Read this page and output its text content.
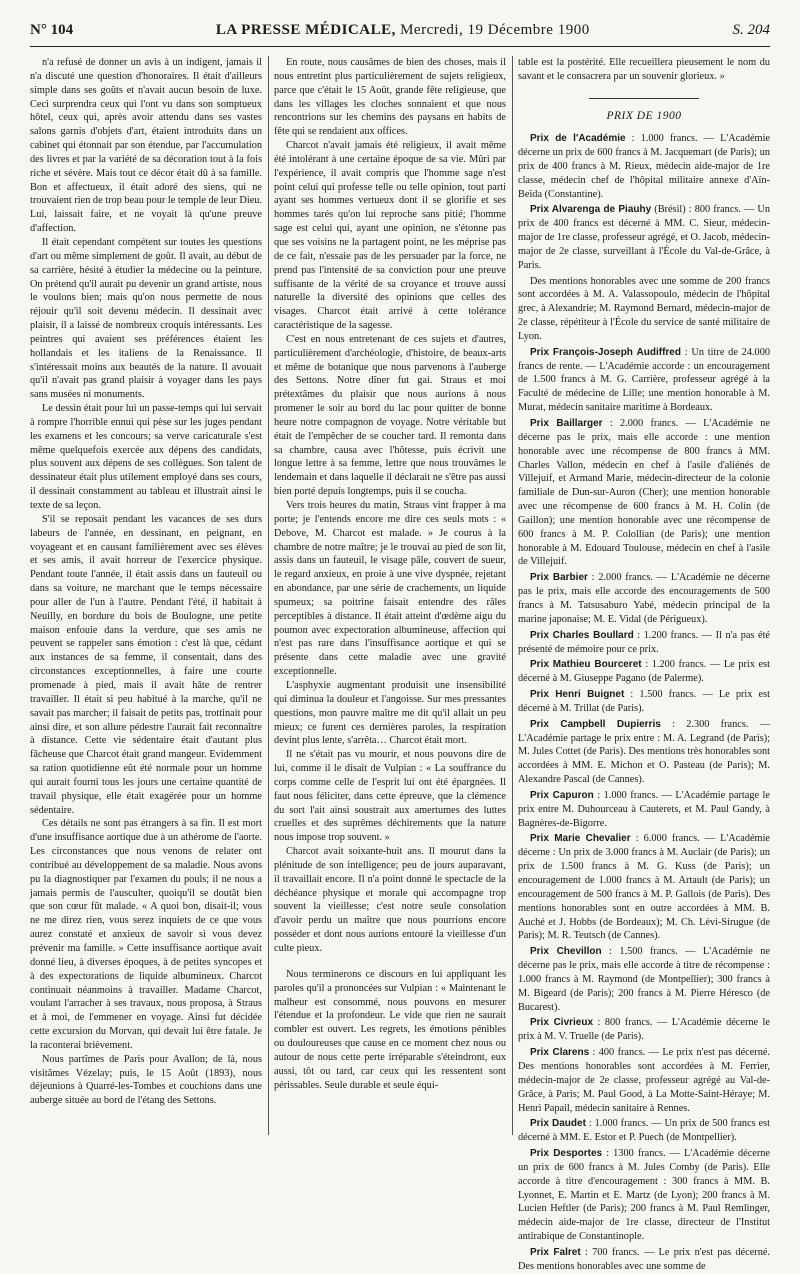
N° 104	LA PRESSE MÉDICALE, Mercredi, 19 Décembre 1900	S. 204

n'a refusé de donner un avis à un indigent, jamais il n'a discuté une question d'honoraires. Il était d'ailleurs simple dans ses goûts et n'avait aucun besoin de luxe. Ceci surprendra ceux qui l'ont vu dans son somptueux hôtel, ceux qui, après avoir attendu dans ses vastes salons garnis d'objets d'art, étaient introduits dans un cabinet qui étonnait par son étendue, par l'accumulation des livres et par la variété de sa décoration tout à la fois riche et sévère. Mais tout ce décor était dû à sa famille. Bon et affectueux, il était adoré des siens, qui ne trouvaient rien de trop beau pour le temple de leur Dieu. Lui, laissait faire, et ne voyait là qu'une preuve d'affection.

Il était cependant compétent sur toutes les questions d'art ou même simplement de goût. Il avait, au début de sa carrière, hésité à étudier la médecine ou la peinture. On prétend qu'il aurait pu devenir un grand artiste, nous le voulons bien; mais qu'on nous permette de nous réjouir qu'il soit devenu médecin. Il dessinait avec plaisir, il a laissé de nombreux croquis intéressants. Les peintres qui avaient ses préférences étaient les hollandais et les italiens de la Renaissance. Il s'intéressait moins aux beautés de la nature. Il avouait qu'il n'avait pas grand plaisir à voyager dans les pays sans musées ni monuments.

Le dessin était pour lui un passe-temps qui lui servait à rompre l'horrible ennui qui pèse sur les juges pendant les examens et les concours; sa verve caricaturale s'est même quelquefois exercée aux dépens des candidats, plus souvent aux dépens de ses collègues. Son talent de dessinateur était plus utilement employé dans ses cours, il dessinait constamment au tableau et illustrait ainsi le texte de sa leçon.

S'il se reposait pendant les vacances de ses durs labeurs de l'année, en dessinant, en peignant, en voyageant et en causant familièrement avec ses élèves et ses amis, il avait horreur de l'exercice physique. Pendant toute l'année, il était assis dans un fauteuil ou dans sa voiture, ne marchant que le temps nécessaire pour aller de l'un à l'autre. Pendant l'été, il habitait à Neuilly, en bordure du bois de Boulogne, une petite maison enfouie dans la verdure, que ses amis ne peuvent se rappeler sans émotion : c'est là que, cédant aux instances de sa femme, il consentait, dans des circonstances exceptionnelles, à faire une courte promenade à pied, mais il avait hâte de rentrer travailler. Il était si peu habitué à la marche, qu'il ne savait pas marcher; il faisait de petits pas, trottinait pour ainsi dire, et son allure pédestre l'aurait fait reconnaître à distance. Cette vie sédentaire était d'autant plus fâcheuse que Charcot était grand mangeur. Evidemment sa ration quotidienne eût été normale pour un homme qui aurait fourni tous les jours une certaine quantité de travail physique, elle était exagérée pour un homme sédentaire.

Ces détails ne sont pas étrangers à sa fin. Il est mort d'une insuffisance aortique due à un athérome de l'aorte. Les circonstances que nous venons de relater ont contribué au développement de sa maladie. Nous avons pu la diagnostiquer par l'examen du pouls; il ne nous a jamais permis de l'ausculter, quoiqu'il se doutât bien que son cœur fût malade. « A quoi bon, disait-il; vous ne me direz rien, vous serez inquiets de ce que vous aurez constaté et anxieux de savoir si vous devez prévenir ma famille. » Cette insuffisance aortique avait donné lieu, à diverses époques, à de petites syncopes et à des expectorations de liquide albumineux. Charcot continuait néanmoins à travailler. Madame Charcot, voulant l'arracher à ses travaux, nous proposa, à Straus et à moi, de l'emmener en voyage. Ainsi fut décidée cette excursion du Morvan, qui devait lui être fatale. Je la raconterai brièvement.

Nous partîmes de Paris pour Avallon; de là, nous visitâmes Vézelay; puis, le 15 Août (1893), nous déjeunions à Quarré-les-Tombes et couchions dans une auberge située au bord de l'étang des Settons.

En route, nous causâmes de bien des choses, mais il nous entretint plus particulièrement de sujets religieux, parce que c'était le 15 Août, grande fête religieuse, que dans les villages les cloches sonnaient et que nous rencontrions sur les chemins des paysans en habits de fête qui se rendaient aux offices.

Charcot n'avait jamais été religieux, il avait même été intolérant à une certaine époque de sa vie. Mûri par l'expérience, il avait compris que l'homme sage n'est point celui qui professe telle ou telle opinion, tout parti ayant ses hommes vertueux dont il se glorifie et ses hommes tarés qu'on lui reproche sans pitié; l'homme sage est celui qui, ayant une opinion, ne s'étonne pas que ses voisins ne la partagent point, ne les méprise pas de ce fait, n'essaie pas de les persuader par la force, ne prend pas l'intensité de sa conviction pour une preuve suffisante de la vérité de sa croyance et trouve aussi naturelle la diversité des opinions que celles des visages. Charcot était arrivé à cette tolérance caractéristique de la sagesse.

C'est en nous entretenant de ces sujets et d'autres, particulièrement d'archéologie, d'histoire, de beaux-arts et même de botanique que nous parvenons à l'auberge des Settons. Notre dîner fut gai. Straus et moi prétextâmes du plaisir que nous aurions à nous promener le soir au bord du lac pour quitter de bonne heure notre compagnon de voyage. Notre véritable but était de l'empêcher de se coucher tard. Il remonta dans sa chambre, causa avec l'hôtesse, puis écrivit une longue lettre à sa femme, lettre que nous trouvâmes le lendemain et dans laquelle il déclarait ne s'être pas aussi bien porté depuis longtemps, puis il se coucha.

Vers trois heures du matin, Straus vint frapper à ma porte; je l'entends encore me dire ces seuls mots : « Debove, M. Charcot est malade. » Je courus à la chambre de notre maître; je le trouvai au pied de son lit, assis dans un fauteuil, le visage pâle, couvert de sueur, le regard anxieux, en proie à une vive dyspnée, rejetant en abondance, par une série de crachements, un liquide spumeux; sa poitrine faisait entendre des râles perceptibles à distance. Il était atteint d'œdème aigu du poumon avec expectoration albumineuse, affection qui n'est pas rare dans l'insuffisance aortique et qui se présente dans cette maladie avec une gravité exceptionnelle.

L'asphyxie augmentant produisit une insensibilité qui diminua la douleur et l'angoisse. Sur mes pressantes questions, mon pauvre maître me dit qu'il allait un peu mieux; ce furent ces dernières paroles, la respiration devint plus lente, s'arrêta… Charcot était mort.

Il ne s'était pas vu mourir, et nous pouvons dire de lui, comme il le disait de Vulpian : « La souffrance du corps comme celle de l'esprit lui ont été épargnées. Il faut nous féliciter, dans cette épreuve, que la clémence du sort l'ait ainsi soustrait aux amertumes des luttes cruelles et des suprêmes déchirements que la nature nous impose trop souvent. »

Charcot avait soixante-huit ans. Il mourut dans la plénitude de son intelligence; peu de jours auparavant, il travaillait encore. Il n'a point donné le spectacle de la déchéance physique et morale qui accompagne trop souvent la vieillesse; c'est notre seule consolation d'avoir perdu un maître que nous pourrions encore posséder et dont nous aurions entouré la vieillesse d'un culte pieux.

Nous terminerons ce discours en lui appliquant les paroles qu'il a prononcées sur Vulpian : « Maintenant le malheur est consommé, nous pouvons en mesurer l'étendue et la profondeur. Le vide que rien ne saurait combler est ouvert. Les regrets, les émotions pénibles ou douloureuses que cause en ce moment chez nous ou autour de nous cette perte irréparable s'éteindront, eux aussi, tôt ou tard, car ceux qui les ressentent sont périssables. Seule durable et seule équi-

table est la postérité. Elle recueillera pieusement le nom du savant et le consacrera par un souvenir glorieux. »

PRIX DE 1900

Prix de l'Académie : 1.000 francs. — L'Académie décerne un prix de 600 francs à M. Jacquemart (de Paris); un prix de 400 francs à M. Rieux, médecin aide-major de 1re classe, médecin chef de l'hôpital militaire annexe d'Aïn-Beïda (Constantine).

Prix Alvarenga de Piauhy (Brésil) : 800 francs. — Un prix de 400 francs est décerné à MM. C. Sieur, médecin-major de 1re classe, professeur agrégé, et O. Jacob, médecin-major de 2e classe, surveillant à l'École du Val-de-Grâce, à Paris.

Des mentions honorables avec une somme de 200 francs sont accordées à M. A. Valassopoulo, médecin de l'hôpital grec, à Alexandrie; M. Raymond Bernard, médecin-major de 2e classe, répétiteur à l'École du service de santé militaire de Lyon.

Prix François-Joseph Audiffred : Un titre de 24.000 francs de rente. — L'Académie accorde : un encouragement de 1.500 francs à M. G. Carrière, professeur agrégé à la Faculté de médecine de Lille; une mention honorable à M. Murat, médecin sanitaire maritime à Bordeaux.

Prix Baillarger : 2.000 francs. — L'Académie ne décerne pas le prix, mais elle accorde : une mention honorable avec une récompense de 800 francs à MM. Charles Vallon, médecin en chef à l'asile d'aliénés de Villejuif, et Armand Marie, médecin-directeur de la colonie familiale de Dun-sur-Auron (Cher); une mention honorable avec une récompense de 600 francs à M. H. Colin (de Gaillon); une mention honorable avec une récompense de 600 francs à M. P. Colollian (de Paris); une mention honorable à M. Edouard Toulouse, médecin en chef à l'asile de Villejuif.

Prix Barbier : 2.000 francs. — L'Académie ne décerne pas le prix, mais elle accorde des encouragements de 500 francs à M. Tatsusaburo Yabé, médecin principal de la marine japonaise; M. E. Vidal (de Périgueux).

Prix Charles Boullard : 1.200 francs. — Il n'a pas été présenté de mémoire pour ce prix.

Prix Mathieu Bourceret : 1.200 francs. — Le prix est décerné à M. Giuseppe Pagano (de Palerme).

Prix Henri Buignet : 1.500 francs. — Le prix est décerné à M. Trillat (de Paris).

Prix Campbell Dupierris : 2.300 francs. — L'Académie partage le prix entre : M. A. Legrand (de Paris); M. Jules Cottet (de Paris). Des mentions très honorables sont accordées à MM. E. Michon et O. Pasteau (de Paris); M. Alexandre Pascal (de Cannes).

Prix Capuron : 1.000 francs. — L'Académie partage le prix entre M. Duhourceau à Cauterets, et M. Paul Gandy, à Bagnères-de-Bigorre.

Prix Marie Chevalier : 6.000 francs. — L'Académie décerne : Un prix de 3.000 francs à M. Auclair (de Paris); un prix de 1.500 francs à M. G. Kuss (de Paris); un encouragement de 1.000 francs à M. Artault (de Paris); un encouragement de 500 francs à M. P. Gallois (de Paris). Des mentions honorables sont en outre accordées à MM. B. Auché et J. Hobbs (de Bordeaux); M. Ch. Lévi-Sirugue (de Paris); M. R. Teutsch (de Cannes).

Prix Chevillon : 1.500 francs. — L'Académie ne décerne pas le prix, mais elle accorde à titre de récompense : 1.000 francs à M. Raymond (de Montpellier); 300 francs à M. Bigeard (de Paris); 200 francs à M. Pierre Hérescо (de Bucarest).

Prix Civrieux : 800 francs. — L'Académie décerne le prix à M. V. Truelle (de Paris).

Prix Clarens : 400 francs. — Le prix n'est pas décerné. Des mentions honorables sont accordées à M. Ferrier, médecin-major de 2e classe, professeur agrégé au Val-de-Grâce, à Paris; M. Paul Good, à La Motte-Saint-Héraye; M. Henri Papail, médecin sanitaire à Rennes.

Prix Daudet : 1.000 francs. — Un prix de 500 francs est décerné à MM. E. Estor et P. Puech (de Montpellier).

Prix Desportes : 1300 francs. — L'Académie décerne un prix de 600 francs à M. Jules Comby (de Paris). Elle accorde à titre d'encouragement : 300 francs à MM. B. Lyonnet, E. Martin et E. Martz (de Lyon); 200 francs à M. Lucien Heftler (de Paris); 200 francs à M. Paul Remlinger, médecin aide-major de 1re classe, directeur de l'Institut antirabique de Constantinople.

Prix Falret : 700 francs. — Le prix n'est pas décerné. Des mentions honorables avec une somme de
